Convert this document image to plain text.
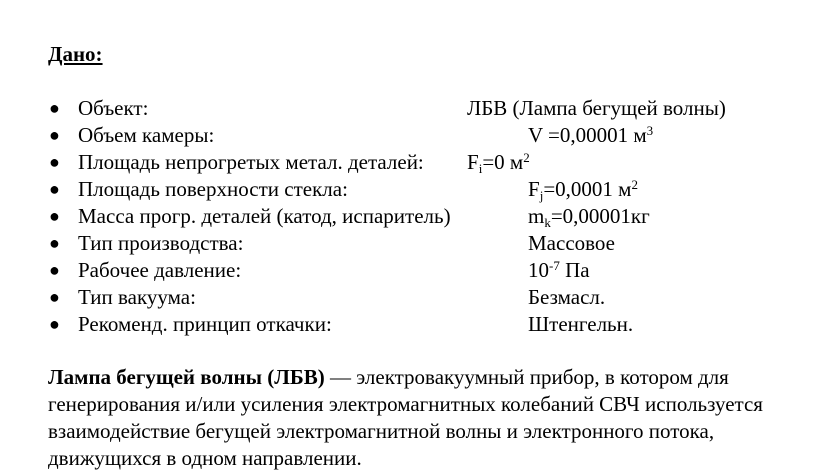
Дано:
● Объект:	ЛБВ (Лампа бегущей волны)
● Объем камеры:	V =0,00001 $м^3$
● Площадь непрогретых метал. деталей: $F_i=0$ $м^2$
● Площадь поверхности стекла:	$F_j=0,0001$ $м^2$
● Масса прогр. деталей (катод, испаритель)	$m_k=0,00001кг$
● Тип производства:	Массовое
● Рабочее давление:	$10^{-7}$ Па
● Тип вакуума:	Безмасл.
● Рекоменд. принцип откачки:	Штенгельн.

Лампа бегущей волны (ЛБВ) — электровакуумный прибор, в котором для генерирования и/или усиления электромагнитных колебаний СВЧ используется взаимодействие бегущей электромагнитной волны и электронного потока, движущихся в одном направлении.
